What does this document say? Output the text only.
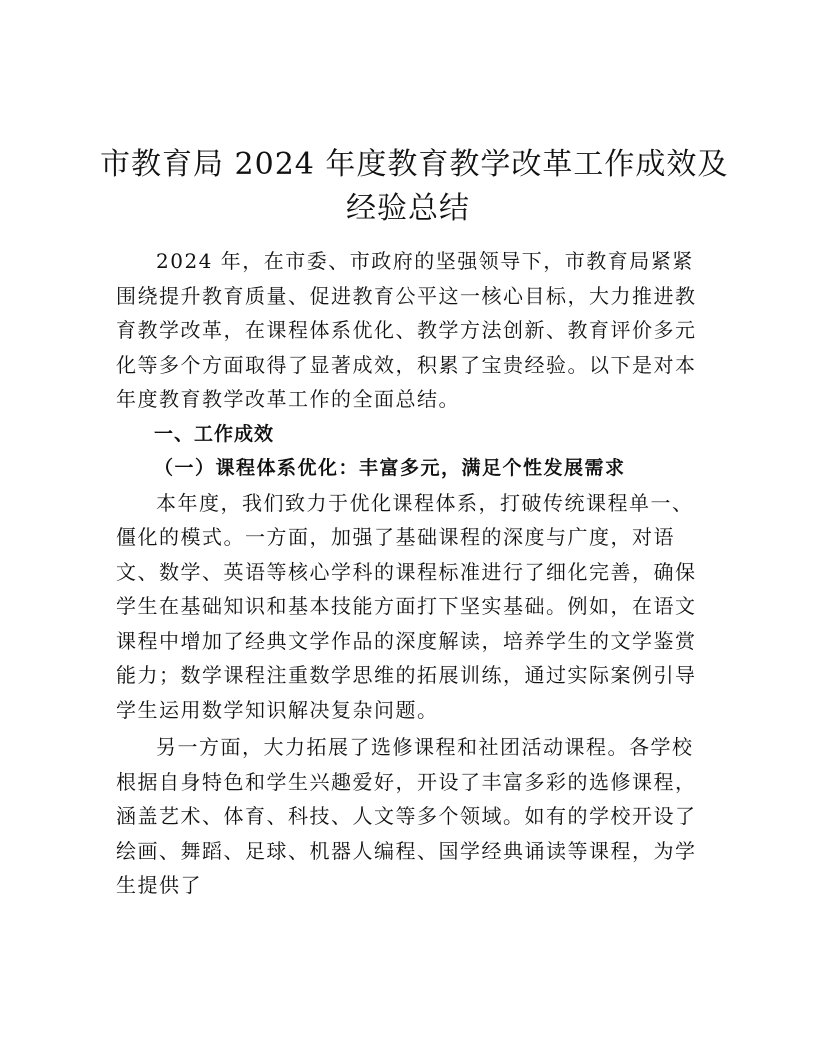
市教育局 2024 年度教育教学改革工作成效及
经验总结

2024 年，在市委、市政府的坚强领导下，市教育局紧紧围绕提升教育质量、促进教育公平这一核心目标，大力推进教育教学改革，在课程体系优化、教学方法创新、教育评价多元化等多个方面取得了显著成效，积累了宝贵经验。以下是对本年度教育教学改革工作的全面总结。

一、工作成效

（一）课程体系优化：丰富多元，满足个性发展需求

本年度，我们致力于优化课程体系，打破传统课程单一、僵化的模式。一方面，加强了基础课程的深度与广度，对语文、数学、英语等核心学科的课程标准进行了细化完善，确保学生在基础知识和基本技能方面打下坚实基础。例如，在语文课程中增加了经典文学作品的深度解读，培养学生的文学鉴赏能力；数学课程注重数学思维的拓展训练，通过实际案例引导学生运用数学知识解决复杂问题。

另一方面，大力拓展了选修课程和社团活动课程。各学校根据自身特色和学生兴趣爱好，开设了丰富多彩的选修课程，涵盖艺术、体育、科技、人文等多个领域。如有的学校开设了绘画、舞蹈、足球、机器人编程、国学经典诵读等课程，为学生提供了
